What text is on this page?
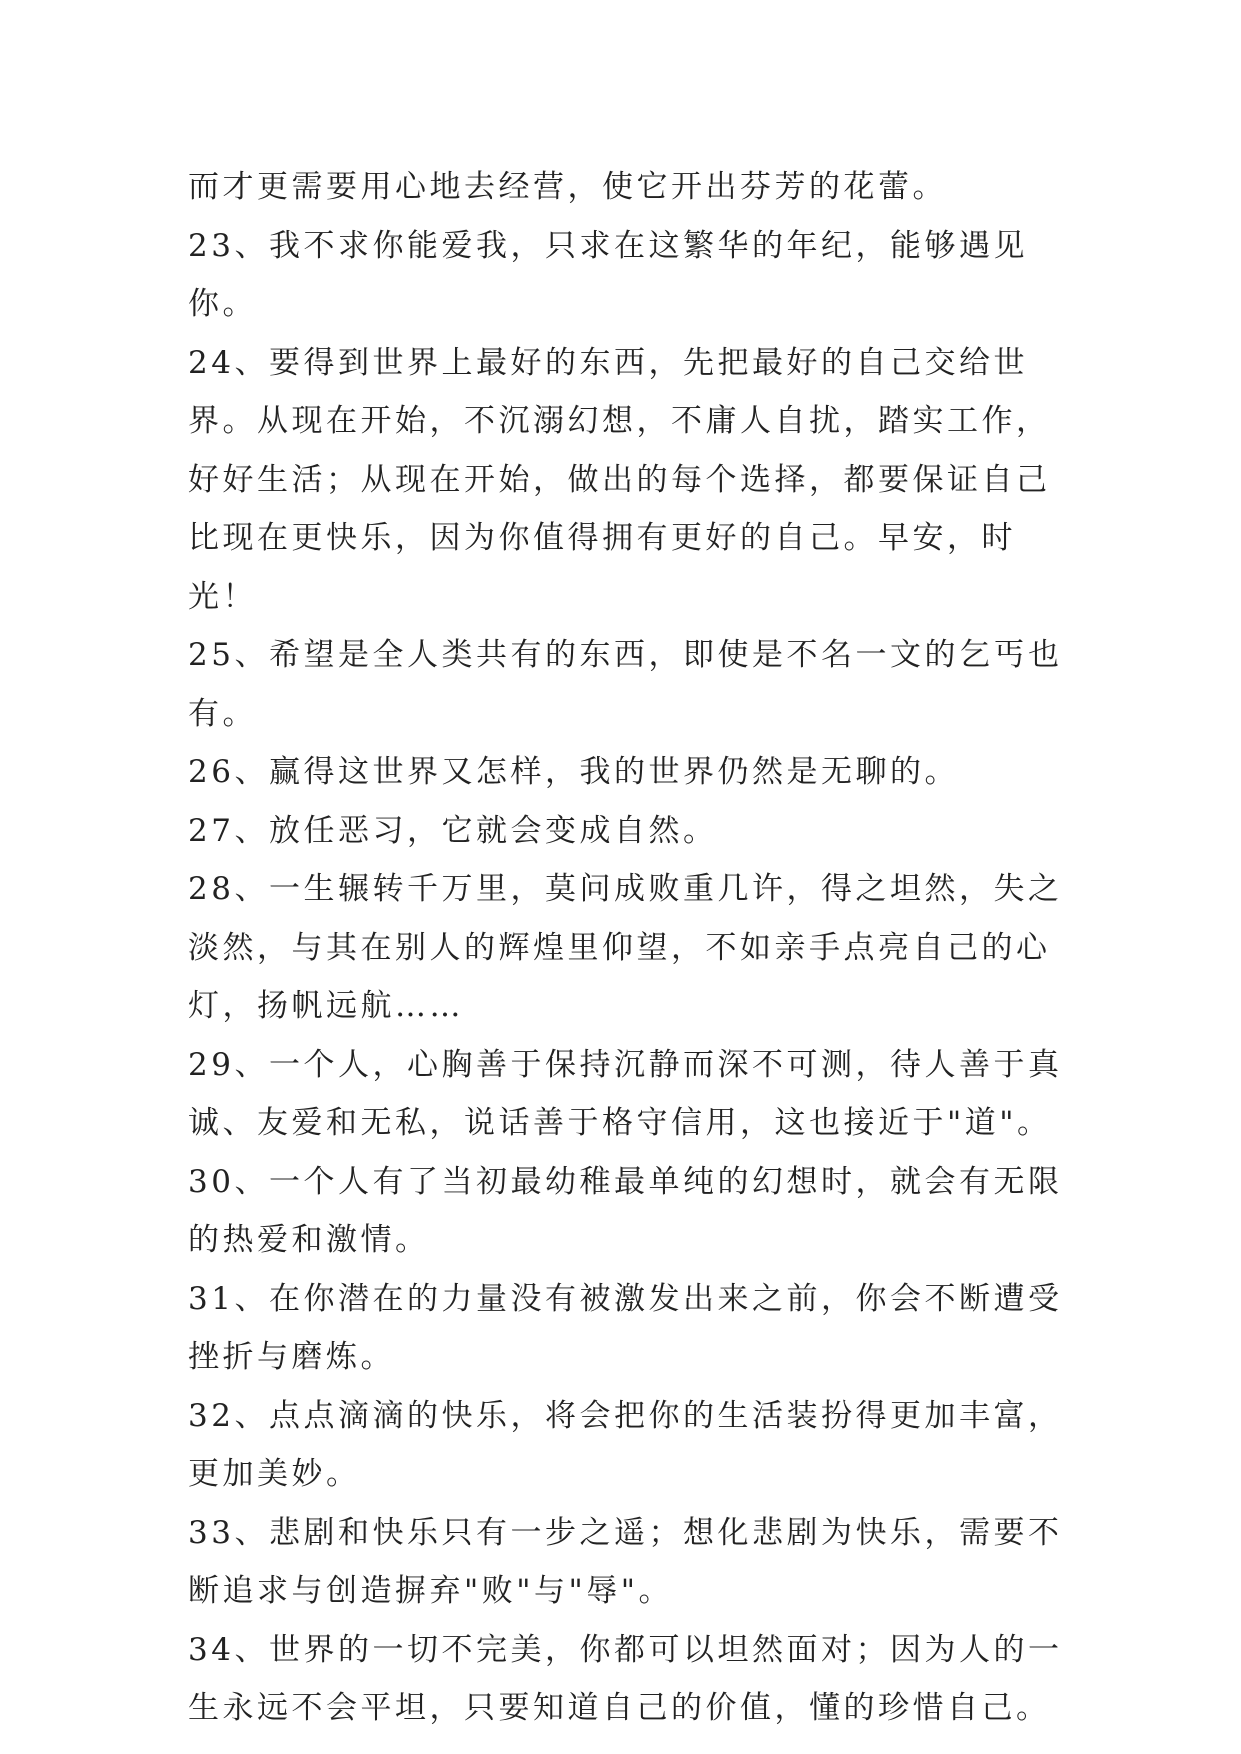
而才更需要用心地去经营，使它开出芬芳的花蕾。

23、我不求你能爱我，只求在这繁华的年纪，能够遇见你。

24、要得到世界上最好的东西，先把最好的自己交给世界。从现在开始，不沉溺幻想，不庸人自扰，踏实工作，好好生活；从现在开始，做出的每个选择，都要保证自己比现在更快乐，因为你值得拥有更好的自己。早安，时光！

25、希望是全人类共有的东西，即使是不名一文的乞丐也有。

26、赢得这世界又怎样，我的世界仍然是无聊的。

27、放任恶习，它就会变成自然。

28、一生辗转千万里，莫问成败重几许，得之坦然，失之淡然，与其在别人的辉煌里仰望，不如亲手点亮自己的心灯，扬帆远航……

29、一个人，心胸善于保持沉静而深不可测，待人善于真诚、友爱和无私，说话善于格守信用，这也接近于"道"。

30、一个人有了当初最幼稚最单纯的幻想时，就会有无限的热爱和激情。

31、在你潜在的力量没有被激发出来之前，你会不断遭受挫折与磨炼。

32、点点滴滴的快乐，将会把你的生活装扮得更加丰富，更加美妙。

33、悲剧和快乐只有一步之遥；想化悲剧为快乐，需要不断追求与创造摒弃"败"与"辱"。

34、世界的一切不完美，你都可以坦然面对；因为人的一生永远不会平坦，只要知道自己的价值，懂的珍惜自己。
